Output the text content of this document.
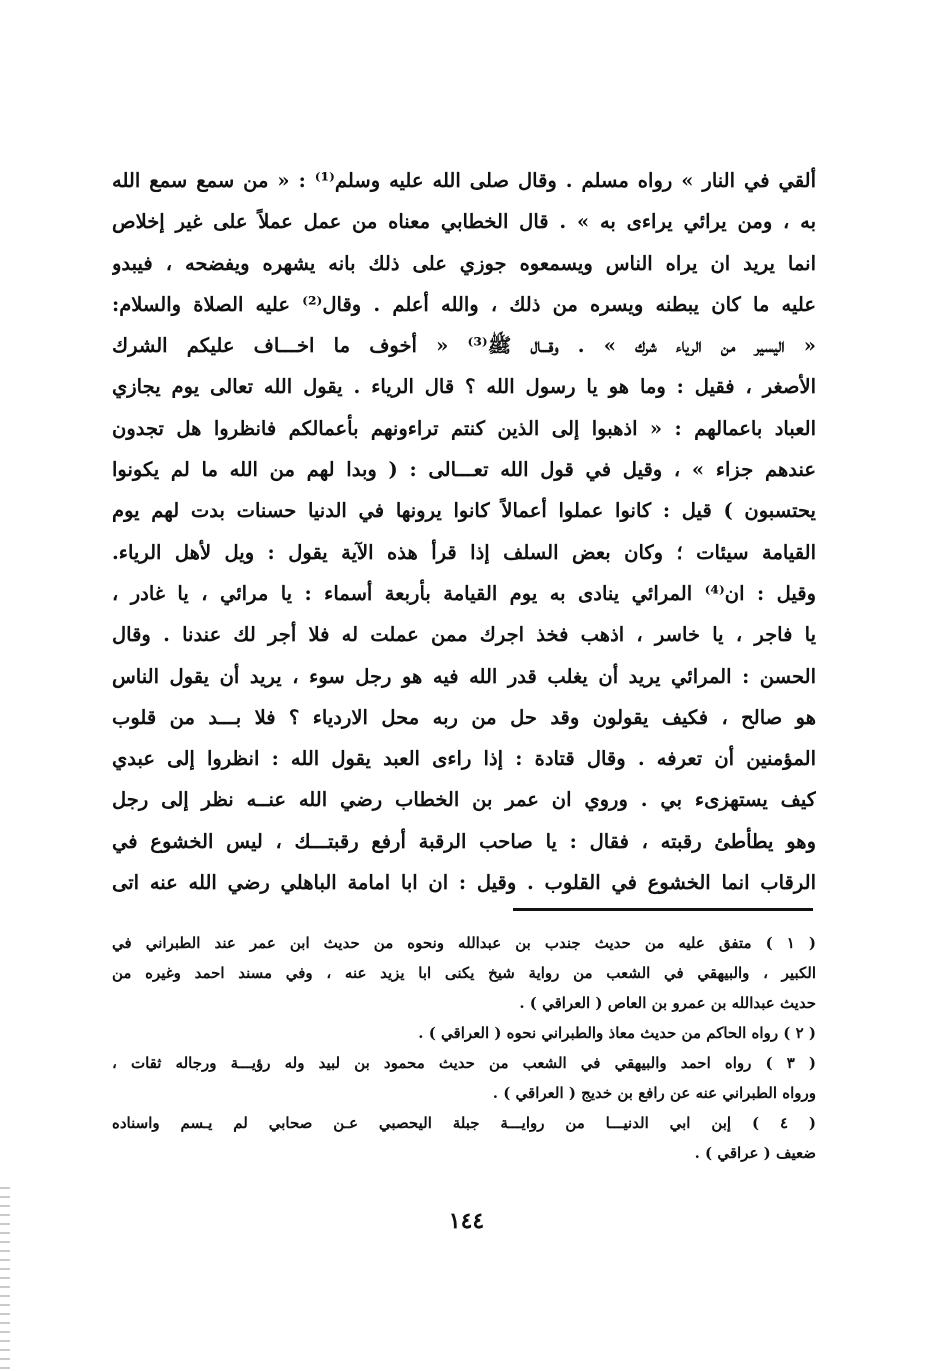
ألقي في النار » رواه مسلم . وقال صلى الله عليه وسلم⁽¹⁾ : « من سمع سمع الله
به ، ومن يرائي يراءى به » . قال الخطابي معناه من عمل عملاً على غير إخلاص
انما يريد ان يراه الناس ويسمعوه جوزي على ذلك بانه يشهره ويفضحه ، فيبدو
عليه ما كان يبطنه ويسره من ذلك ، والله أعلم . وقال⁽²⁾ عليه الصلاة والسلام:
« اليسير من الرياء شرك » . وقـــال ﷺ⁽³⁾ « أخوف ما اخـــاف عليكم الشرك
الأصغر ، فقيل : وما هو يا رسول الله ؟ قال الرياء . يقول الله تعالى يوم يجازي
العباد باعمالهم : « اذهبوا إلى الذين كنتم تراءونهم بأعمالكم فانظروا هل تجدون
عندهم جزاء » ، وقيل في قول الله تعـــالى : ( وبدا لهم من الله ما لم يكونوا
يحتسبون ) قيل : كانوا عملوا أعمالاً كانوا يرونها في الدنيا حسنات بدت لهم يوم
القيامة سيئات ؛ وكان بعض السلف إذا قرأ هذه الآية يقول : ويل لأهل الرياء.
وقيل : ان⁽⁴⁾ المرائي ينادى به يوم القيامة بأربعة أسماء : يا مرائي ، يا غادر ،
يا فاجر ، يا خاسر ، اذهب فخذ اجرك ممن عملت له فلا أجر لك عندنا . وقال
الحسن : المرائي يريد أن يغلب قدر الله فيه هو رجل سوء ، يريد أن يقول الناس
هو صالح ، فكيف يقولون وقد حل من ربه محل الارديا‏ء ؟ فلا بـــد من قلوب
المؤمنين أن تعرفه . وقال قتادة : إذا راءى العبد يقول الله : انظروا إلى عبدي
كيف يستهزىء بي . وروي ان عمر بن الخطاب رضي الله عنــه نظر إلى رجل
وهو يطأطئ رقبته ، فقال : يا صاحب الرقبة أرفع رقبتـــك ، ليس الخشوع في
الرقاب انما الخشوع في القلوب . وقيل : ان ابا امامة الباهلي رضي الله عنه اتى
( ١ ) متفق عليه من حديث جندب بن عبدالله ونحوه من حديث ابن عمر عند الطبراني في
الكبير ، والبيهقي في الشعب من رواية شيخ يكنى ابا يزيد عنه ، وفي مسند احمد وغيره من
حديث عبدالله بن عمرو بن العاص ( العراقي ) .
( ٢ ) رواه الحاكم من حديث معاذ والطبراني نحوه ( العراقي ) .
( ٣ ) رواه احمد والبيهقي في الشعب من حديث محمود بن لبيد وله رؤيـــة ورجاله ثقات ،
ورواه الطبراني عنه عن رافع بن خديج ( العراقي ) .
( ٤ ) إبن ابي الدنيـــا من روايـــة جبلة اليحصبي عـن صحابي لم يـسم واسناده
ضعيف ( عراقي ) .
١٤٤
